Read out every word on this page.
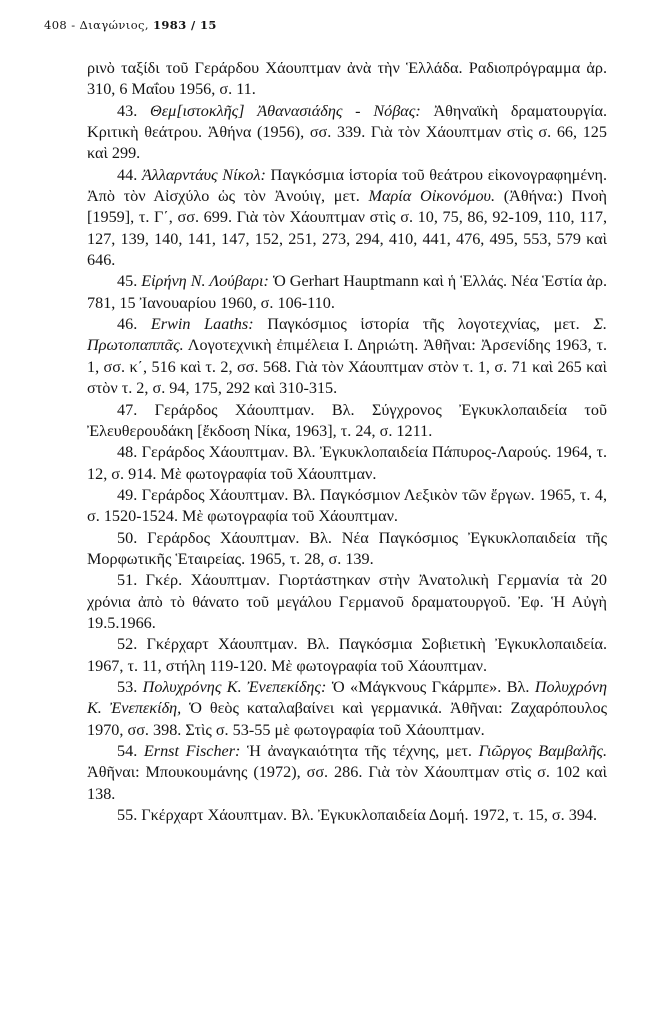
408 - Διαγώνιος, 1983 / 15

ρινὸ ταξίδι τοῦ Γεράρδου Χάουπτμαν ἀνὰ τὴν Ἑλλάδα. Ραδιοπρόγραμμα ἀρ. 310, 6 Μαΐου 1956, σ. 11.

43. Θεμ[ιστοκλῆς] Ἀθανασιάδης - Νόβας: Ἀθηναϊκὴ δραματουργία. Κριτικὴ θεάτρου. Ἀθήνα (1956), σσ. 339. Γιὰ τὸν Χάουπτμαν στὶς σ. 66, 125 καὶ 299.

44. Ἀλλαρντάυς Νίκολ: Παγκόσμια ἱστορία τοῦ θεάτρου εἰκονογραφημένη. Ἀπὸ τὸν Αἰσχύλο ὡς τὸν Ἀνούιγ, μετ. Μαρία Οἰκονόμου. (Ἀθήνα:) Πνοὴ [1959], τ. Γ΄, σσ. 699. Γιὰ τὸν Χάουπτμαν στὶς σ. 10, 75, 86, 92-109, 110, 117, 127, 139, 140, 141, 147, 152, 251, 273, 294, 410, 441, 476, 495, 553, 579 καὶ 646.

45. Εἰρήνη Ν. Λούβαρι: Ὁ Gerhart Hauptmann καὶ ἡ Ἑλλάς. Νέα Ἑστία ἀρ. 781, 15 Ἰανουαρίου 1960, σ. 106-110.

46. Erwin Laaths: Παγκόσμιος ἱστορία τῆς λογοτεχνίας, μετ. Σ. Πρωτοπαππᾶς. Λογοτεχνικὴ ἐπιμέλεια Ι. Δηριώτη. Ἀθῆναι: Ἀρσενίδης 1963, τ. 1, σσ. κ΄, 516 καὶ τ. 2, σσ. 568. Γιὰ τὸν Χάουπτμαν στὸν τ. 1, σ. 71 καὶ 265 καὶ στὸν τ. 2, σ. 94, 175, 292 καὶ 310-315.

47. Γεράρδος Χάουπτμαν. Βλ. Σύγχρονος Ἐγκυκλοπαιδεία τοῦ Ἐλευθερουδάκη [ἔκδοση Νίκα, 1963], τ. 24, σ. 1211.

48. Γεράρδος Χάουπτμαν. Βλ. Ἐγκυκλοπαιδεία Πάπυρος-Λαρούς. 1964, τ. 12, σ. 914. Μὲ φωτογραφία τοῦ Χάουπτμαν.

49. Γεράρδος Χάουπτμαν. Βλ. Παγκόσμιον Λεξικὸν τῶν ἔργων. 1965, τ. 4, σ. 1520-1524. Μὲ φωτογραφία τοῦ Χάουπτμαν.

50. Γεράρδος Χάουπτμαν. Βλ. Νέα Παγκόσμιος Ἐγκυκλοπαιδεία τῆς Μορφωτικῆς Ἑταιρείας. 1965, τ. 28, σ. 139.

51. Γκέρ. Χάουπτμαν. Γιορτάστηκαν στὴν Ἀνατολικὴ Γερμανία τὰ 20 χρόνια ἀπὸ τὸ θάνατο τοῦ μεγάλου Γερμανοῦ δραματουργοῦ. Ἐφ. Ἡ Αὐγὴ 19.5.1966.

52. Γκέρχαρτ Χάουπτμαν. Βλ. Παγκόσμια Σοβιετικὴ Ἐγκυκλοπαιδεία. 1967, τ. 11, στήλη 119-120. Μὲ φωτογραφία τοῦ Χάουπτμαν.

53. Πολυχρόνης Κ. Ἐνεπεκίδης: Ὁ «Μάγκνους Γκάρμπε». Βλ. Πολυχρόνη Κ. Ἐνεπεκίδη, Ὁ θεὸς καταλαβαίνει καὶ γερμανικά. Ἀθῆναι: Ζαχαρόπουλος 1970, σσ. 398. Στὶς σ. 53-55 μὲ φωτογραφία τοῦ Χάουπτμαν.

54. Ernst Fischer: Ἡ ἀναγκαιότητα τῆς τέχνης, μετ. Γιῶργος Βαμβαλῆς. Ἀθῆναι: Μπουκουμάνης (1972), σσ. 286. Γιὰ τὸν Χάουπτμαν στὶς σ. 102 καὶ 138.

55. Γκέρχαρτ Χάουπτμαν. Βλ. Ἐγκυκλοπαιδεία Δομή. 1972, τ. 15, σ. 394.
